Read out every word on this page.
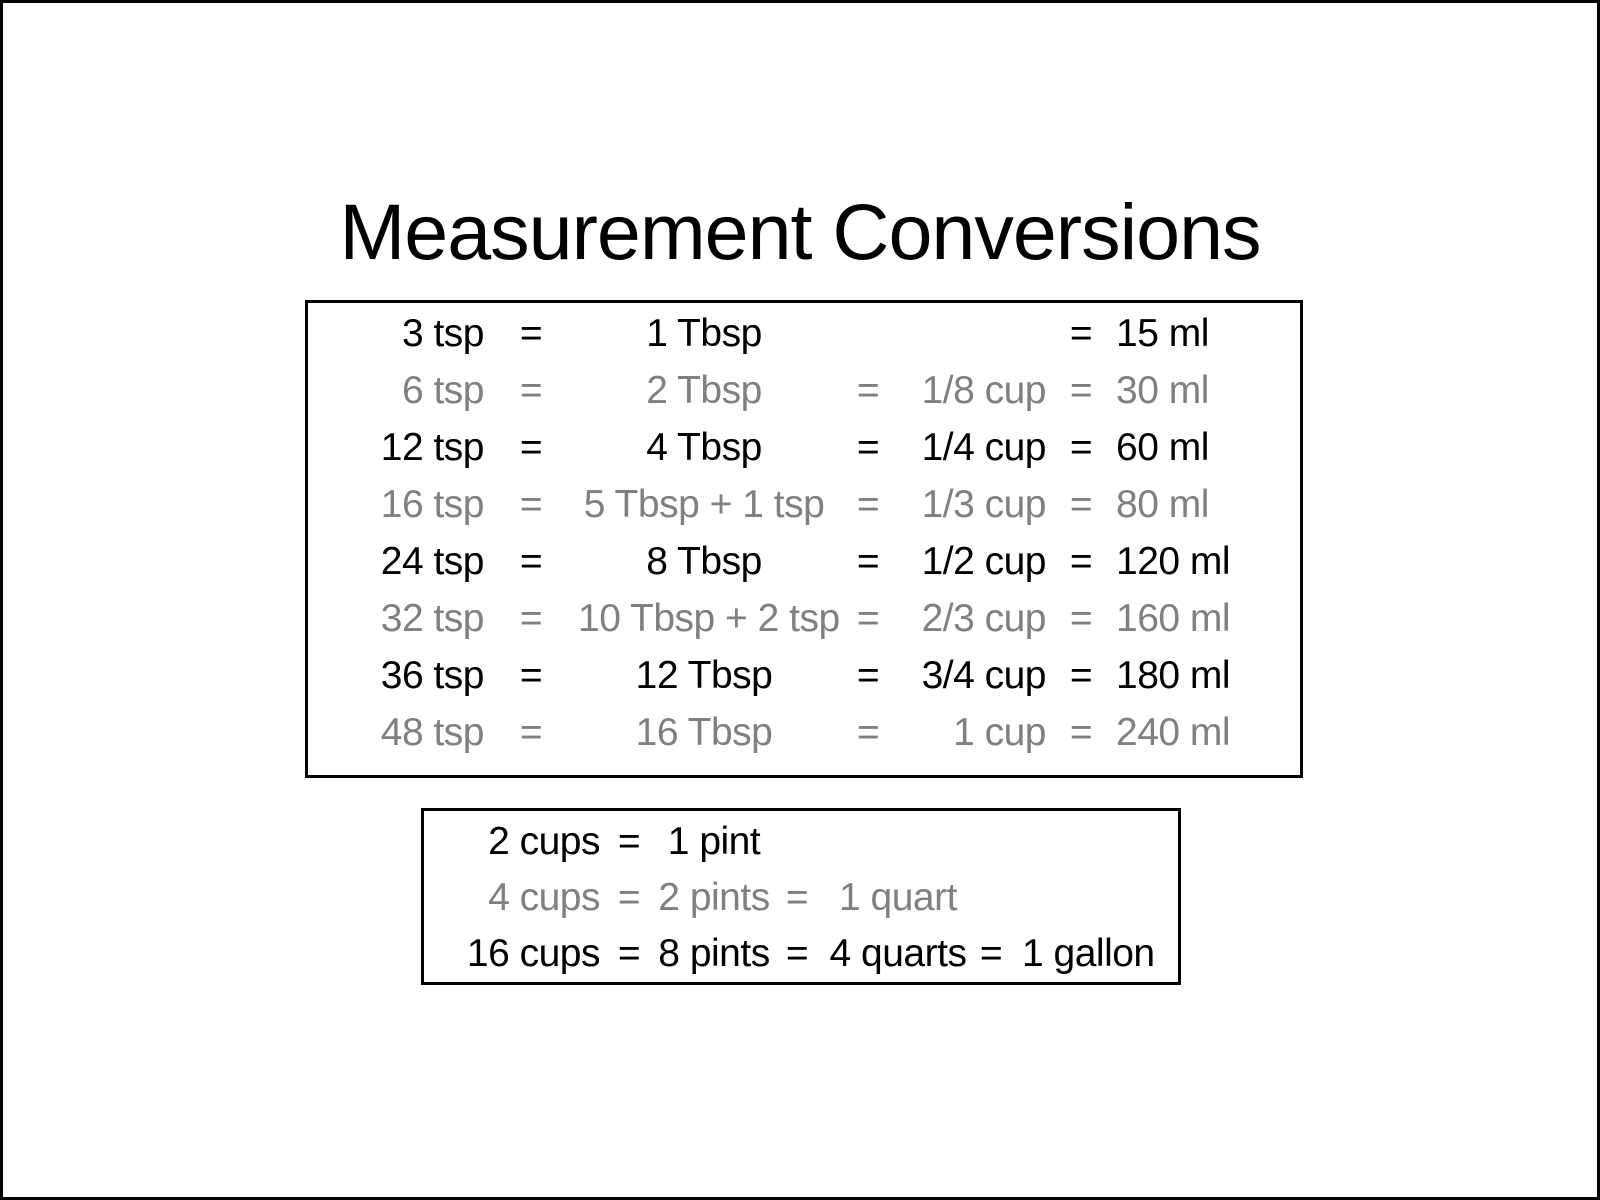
Measurement Conversions
3 tsp =	1 Tbsp	= 15 ml
6 tsp =	2 Tbsp	=	1/8 cup = 30 ml
12 tsp =	4 Tbsp	=	1/4 cup = 60 ml
16 tsp =	5 Tbsp + 1 tsp =	1/3 cup = 80 ml
24 tsp =	8 Tbsp	=	1/2 cup = 120 ml
32 tsp = 10 Tbsp + 2 tsp =	2/3 cup = 160 ml
36 tsp =	12 Tbsp	=	3/4 cup = 180 ml
48 tsp =	16 Tbsp	=	1 cup = 240 ml
2 cups = 1 pint
4 cups = 2 pints = 1 quart
16 cups = 8 pints = 4 quarts = 1 gallon
